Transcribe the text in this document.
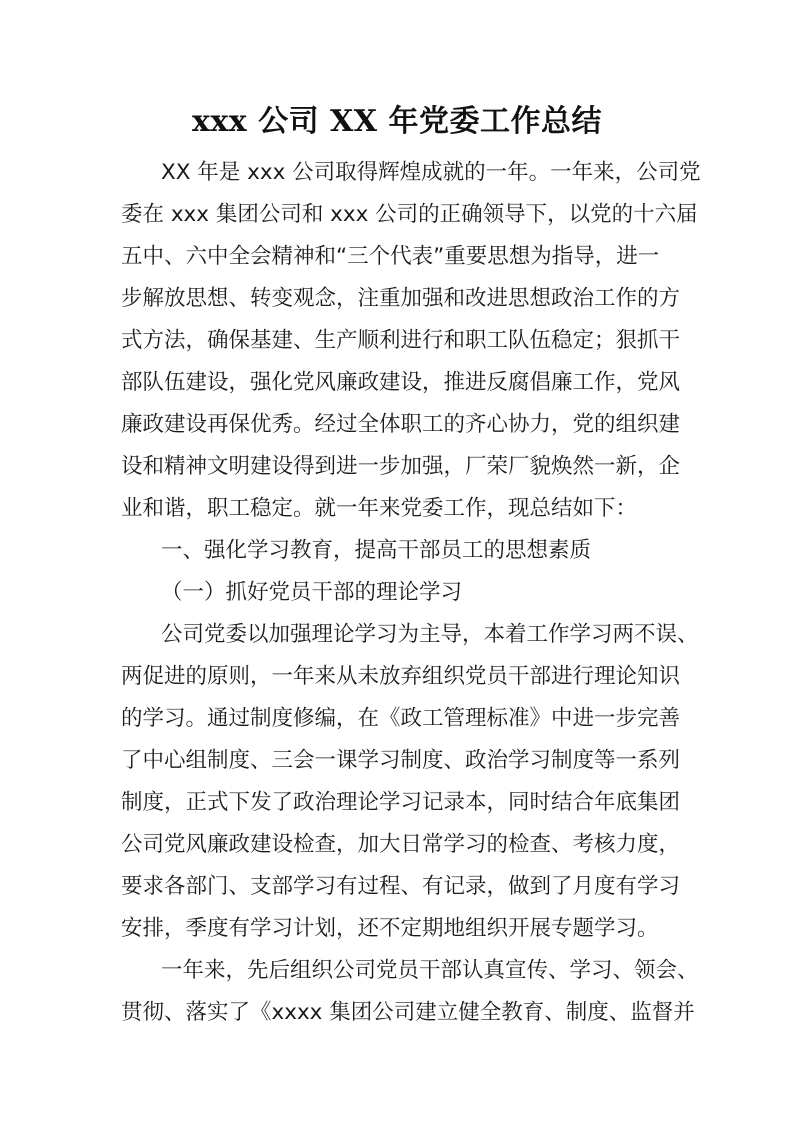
xxx 公司 XX 年党委工作总结
XX 年是 xxx 公司取得辉煌成就的一年。一年来，公司党
委在 xxx 集团公司和 xxx 公司的正确领导下，以党的十六届
五中、六中全会精神和“三个代表”重要思想为指导，进一
步解放思想、转变观念，注重加强和改进思想政治工作的方
式方法，确保基建、生产顺利进行和职工队伍稳定；狠抓干
部队伍建设，强化党风廉政建设，推进反腐倡廉工作，党风
廉政建设再保优秀。经过全体职工的齐心协力，党的组织建
设和精神文明建设得到进一步加强，厂荣厂貌焕然一新，企
业和谐，职工稳定。就一年来党委工作，现总结如下：
一、强化学习教育，提高干部员工的思想素质
（一）抓好党员干部的理论学习
公司党委以加强理论学习为主导，本着工作学习两不误、
两促进的原则，一年来从未放弃组织党员干部进行理论知识
的学习。通过制度修编，在《政工管理标准》中进一步完善
了中心组制度、三会一课学习制度、政治学习制度等一系列
制度，正式下发了政治理论学习记录本，同时结合年底集团
公司党风廉政建设检查，加大日常学习的检查、考核力度，
要求各部门、支部学习有过程、有记录，做到了月度有学习
安排，季度有学习计划，还不定期地组织开展专题学习。
一年来，先后组织公司党员干部认真宣传、学习、领会、
贯彻、落实了《xxxx 集团公司建立健全教育、制度、监督并
